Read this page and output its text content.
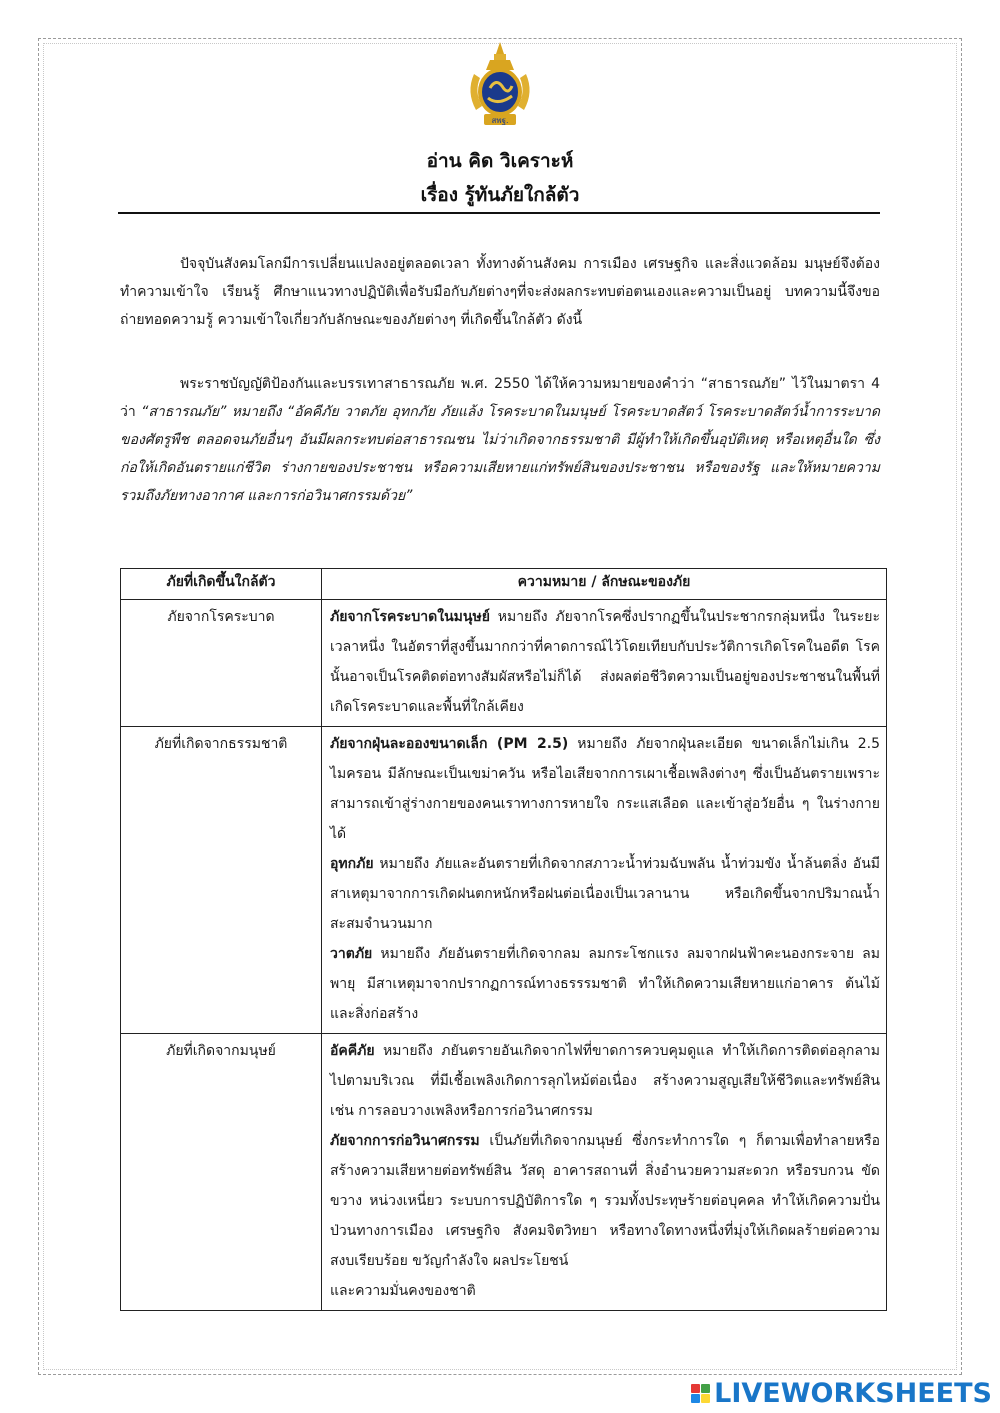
สพฐ.
อ่าน คิด วิเคราะห์
เรื่อง รู้ทันภัยใกล้ตัว

ปัจจุบันสังคมโลกมีการเปลี่ยนแปลงอยู่ตลอดเวลา ทั้งทางด้านสังคม การเมือง เศรษฐกิจ และสิ่งแวดล้อม มนุษย์จึงต้องทำความเข้าใจ เรียนรู้ ศึกษาแนวทางปฏิบัติเพื่อรับมือกับภัยต่างๆที่จะส่งผลกระทบต่อตนเองและความเป็นอยู่ บทความนี้จึงขอถ่ายทอดความรู้ ความเข้าใจเกี่ยวกับลักษณะของภัยต่างๆ ที่เกิดขึ้นใกล้ตัว ดังนี้

พระราชบัญญัติป้องกันและบรรเทาสาธารณภัย พ.ศ. 2550 ได้ให้ความหมายของคำว่า “สาธารณภัย” ไว้ในมาตรา 4 ว่า “สาธารณภัย” หมายถึง “อัคคีภัย วาตภัย อุทกภัย ภัยแล้ง โรคระบาดในมนุษย์ โรคระบาดสัตว์ โรคระบาดสัตว์น้ำการระบาดของศัตรูพืช ตลอดจนภัยอื่นๆ อันมีผลกระทบต่อสาธารณชน ไม่ว่าเกิดจากธรรมชาติ มีผู้ทำให้เกิดขึ้นอุบัติเหตุ หรือเหตุอื่นใด ซึ่งก่อให้เกิดอันตรายแก่ชีวิต ร่างกายของประชาชน หรือความเสียหายแก่ทรัพย์สินของประชาชน หรือของรัฐ และให้หมายความรวมถึงภัยทางอากาศ และการก่อวินาศกรรมด้วย”

ภัยที่เกิดขึ้นใกล้ตัว	ความหมาย / ลักษณะของภัย
ภัยจากโรคระบาด	ภัยจากโรคระบาดในมนุษย์ หมายถึง ภัยจากโรคซึ่งปรากฏขึ้นในประชากรกลุ่มหนึ่ง ในระยะเวลาหนึ่ง ในอัตราที่สูงขึ้นมากกว่าที่คาดการณ์ไว้โดยเทียบกับประวัติการเกิดโรคในอดีต โรคนั้นอาจเป็นโรคติดต่อทางสัมผัสหรือไม่ก็ได้ ส่งผลต่อชีวิตความเป็นอยู่ของประชาชนในพื้นที่เกิดโรคระบาดและพื้นที่ใกล้เคียง

ภัยที่เกิดจากธรรมชาติ	ภัยจากฝุ่นละอองขนาดเล็ก (PM 2.5) หมายถึง ภัยจากฝุ่นละเอียด ขนาดเล็กไม่เกิน 2.5 ไมครอน มีลักษณะเป็นเขม่าควัน หรือไอเสียจากการเผาเชื้อเพลิงต่างๆ ซึ่งเป็นอันตรายเพราะสามารถเข้าสู่ร่างกายของคนเราทางการหายใจ กระแสเลือด และเข้าสู่อวัยอื่น ๆ ในร่างกายได้
อุทกภัย หมายถึง ภัยและอันตรายที่เกิดจากสภาวะน้ำท่วมฉับพลัน น้ำท่วมขัง น้ำล้นตลิ่ง อันมีสาเหตุมาจากการเกิดฝนตกหนักหรือฝนต่อเนื่องเป็นเวลานาน หรือเกิดขึ้นจากปริมาณน้ำสะสมจำนวนมาก
วาตภัย หมายถึง ภัยอันตรายที่เกิดจากลม ลมกระโชกแรง ลมจากฝนฟ้าคะนองกระจาย ลมพายุ มีสาเหตุมาจากปรากฏการณ์ทางธรรรมชาติ ทำให้เกิดความเสียหายแก่อาคาร ต้นไม้ และสิ่งก่อสร้าง

ภัยที่เกิดจากมนุษย์	อัคคีภัย หมายถึง ภยันตรายอันเกิดจากไฟที่ขาดการควบคุมดูแล ทำให้เกิดการติดต่อลุกลามไปตามบริเวณ ที่มีเชื้อเพลิงเกิดการลุกไหม้ต่อเนื่อง สร้างความสูญเสียให้ชีวิตและทรัพย์สิน เช่น การลอบวางเพลิงหรือการก่อวินาศกรรม
ภัยจากการก่อวินาศกรรม เป็นภัยที่เกิดจากมนุษย์ ซึ่งกระทำการใด ๆ ก็ตามเพื่อทำลายหรือสร้างความเสียหายต่อทรัพย์สิน วัสดุ อาคารสถานที่ สิ่งอำนวยความสะดวก หรือรบกวน ขัดขวาง หน่วงเหนี่ยว ระบบการปฏิบัติการใด ๆ รวมทั้งประทุษร้ายต่อบุคคล ทำให้เกิดความปั่นป่วนทางการเมือง เศรษฐกิจ สังคมจิตวิทยา หรือทางใดทางหนึ่งที่มุ่งให้เกิดผลร้ายต่อความสงบเรียบร้อย ขวัญกำลังใจ ผลประโยชน์
และความมั่นคงของชาติ
LIVEWORKSHEETS
